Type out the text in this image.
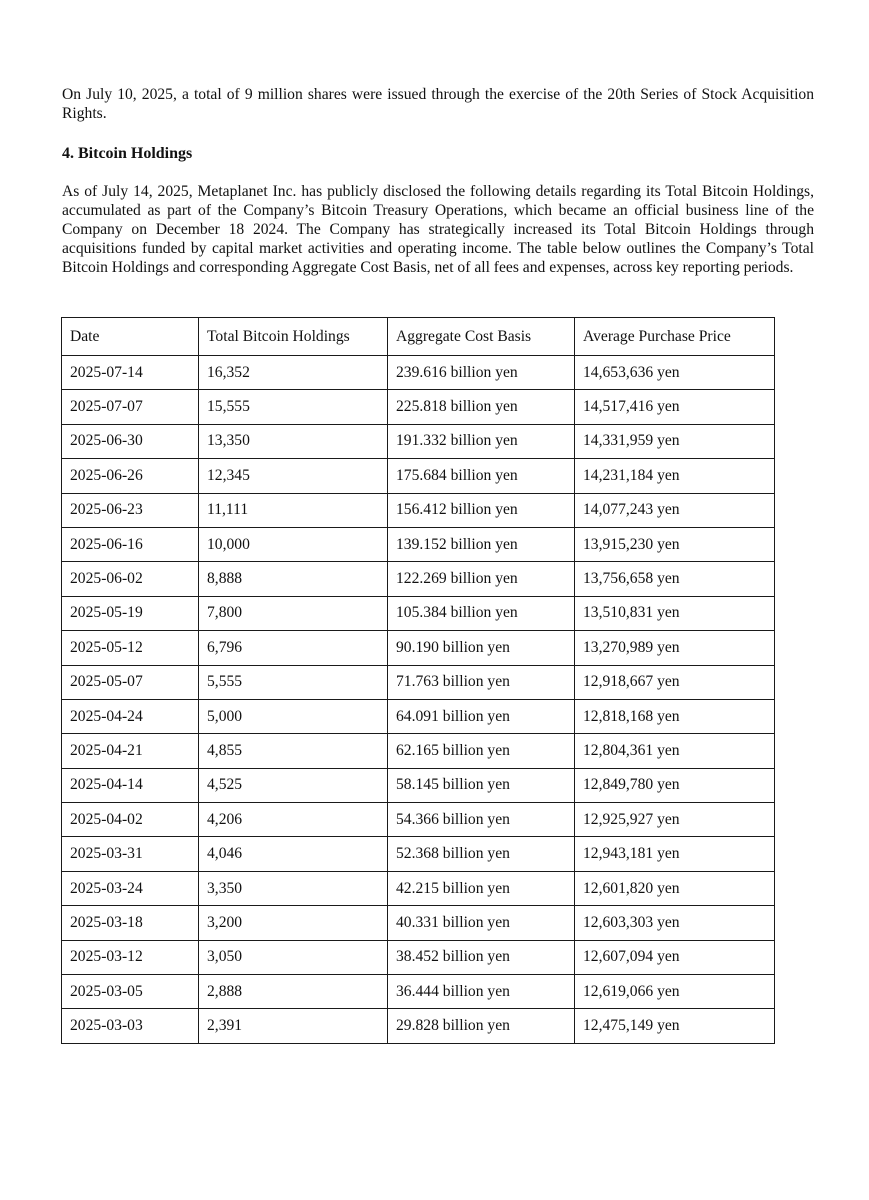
On July 10, 2025, a total of 9 million shares were issued through the exercise of the 20th Series of Stock Acquisition Rights.

4. Bitcoin Holdings

As of July 14, 2025, Metaplanet Inc. has publicly disclosed the following details regarding its Total Bitcoin Holdings, accumulated as part of the Company’s Bitcoin Treasury Operations, which became an official business line of the Company on December 18 2024. The Company has strategically increased its Total Bitcoin Holdings through acquisitions funded by capital market activities and operating income. The table below outlines the Company’s Total Bitcoin Holdings and corresponding Aggregate Cost Basis, net of all fees and expenses, across key reporting periods.

Date	Total Bitcoin Holdings	Aggregate Cost Basis	Average Purchase Price
2025-07-14	16,352	239.616 billion yen	14,653,636 yen
2025-07-07	15,555	225.818 billion yen	14,517,416 yen
2025-06-30	13,350	191.332 billion yen	14,331,959 yen
2025-06-26	12,345	175.684 billion yen	14,231,184 yen
2025-06-23	11,111	156.412 billion yen	14,077,243 yen
2025-06-16	10,000	139.152 billion yen	13,915,230 yen
2025-06-02	8,888	122.269 billion yen	13,756,658 yen
2025-05-19	7,800	105.384 billion yen	13,510,831 yen
2025-05-12	6,796	90.190 billion yen	13,270,989 yen
2025-05-07	5,555	71.763 billion yen	12,918,667 yen
2025-04-24	5,000	64.091 billion yen	12,818,168 yen
2025-04-21	4,855	62.165 billion yen	12,804,361 yen
2025-04-14	4,525	58.145 billion yen	12,849,780 yen
2025-04-02	4,206	54.366 billion yen	12,925,927 yen
2025-03-31	4,046	52.368 billion yen	12,943,181 yen
2025-03-24	3,350	42.215 billion yen	12,601,820 yen
2025-03-18	3,200	40.331 billion yen	12,603,303 yen
2025-03-12	3,050	38.452 billion yen	12,607,094 yen
2025-03-05	2,888	36.444 billion yen	12,619,066 yen
2025-03-03	2,391	29.828 billion yen	12,475,149 yen
